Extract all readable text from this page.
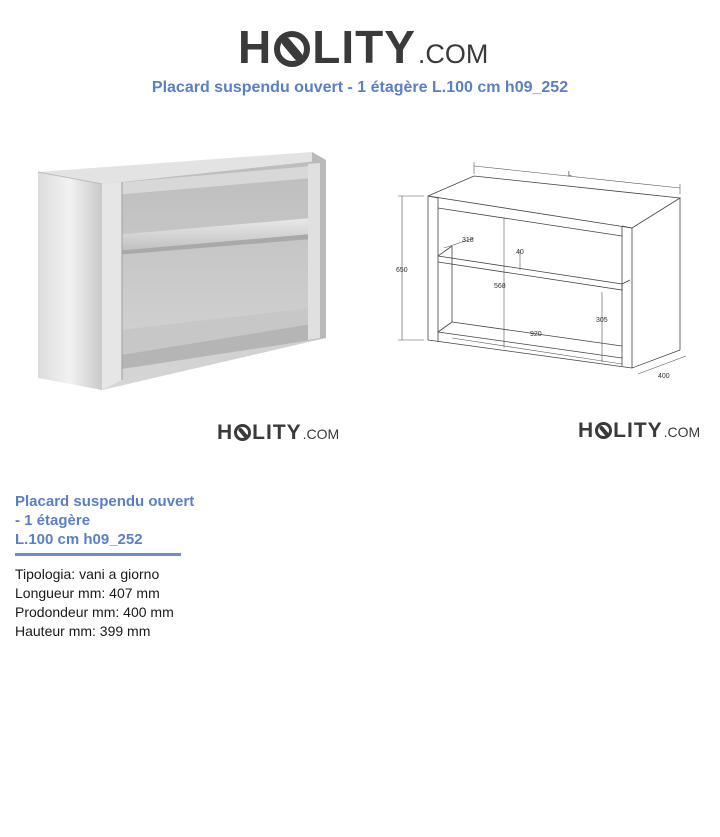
H LITY .COM
Placard suspendu ouvert - 1 étagère L.100 cm h09_252
L
650
400
318
40
568
305
920
H LITY .COM	H LITY .COM
Placard suspendu ouvert
- 1 étagère
L.100 cm h09_252
Tipologia: vani a giorno
Longueur mm: 407 mm
Prodondeur mm: 400 mm
Hauteur mm: 399 mm
